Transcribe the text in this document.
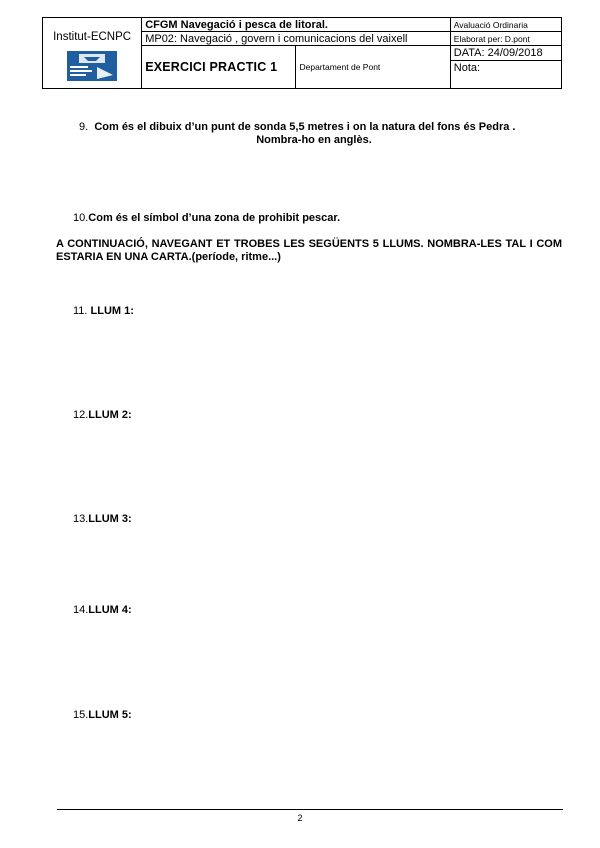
Institut-ECNPC	CFGM Navegació i pesca de litoral.		Avaluació Ordinaria
	MP02: Navegació , govern i comunicacions del vaixell		Elaborat per: D.pont
	EXERCICI PRACTIC 1	Departament de Pont	DATA: 24/09/2018
Nota:
9. Com és el dibuix d’un punt de sonda 5,5 metres i on la natura del fons és Pedra .
Nombra-ho en anglès.
10.Com és el símbol d’una zona de prohibit pescar.
A CONTINUACIÓ, NAVEGANT ET TROBES LES SEGÜENTS 5 LLUMS. NOMBRA-LES TAL I COM ESTARIA EN UNA CARTA.(període, ritme...)
11. LLUM 1:
12.LLUM 2:
13.LLUM 3:
14.LLUM 4:
15.LLUM 5:
2
